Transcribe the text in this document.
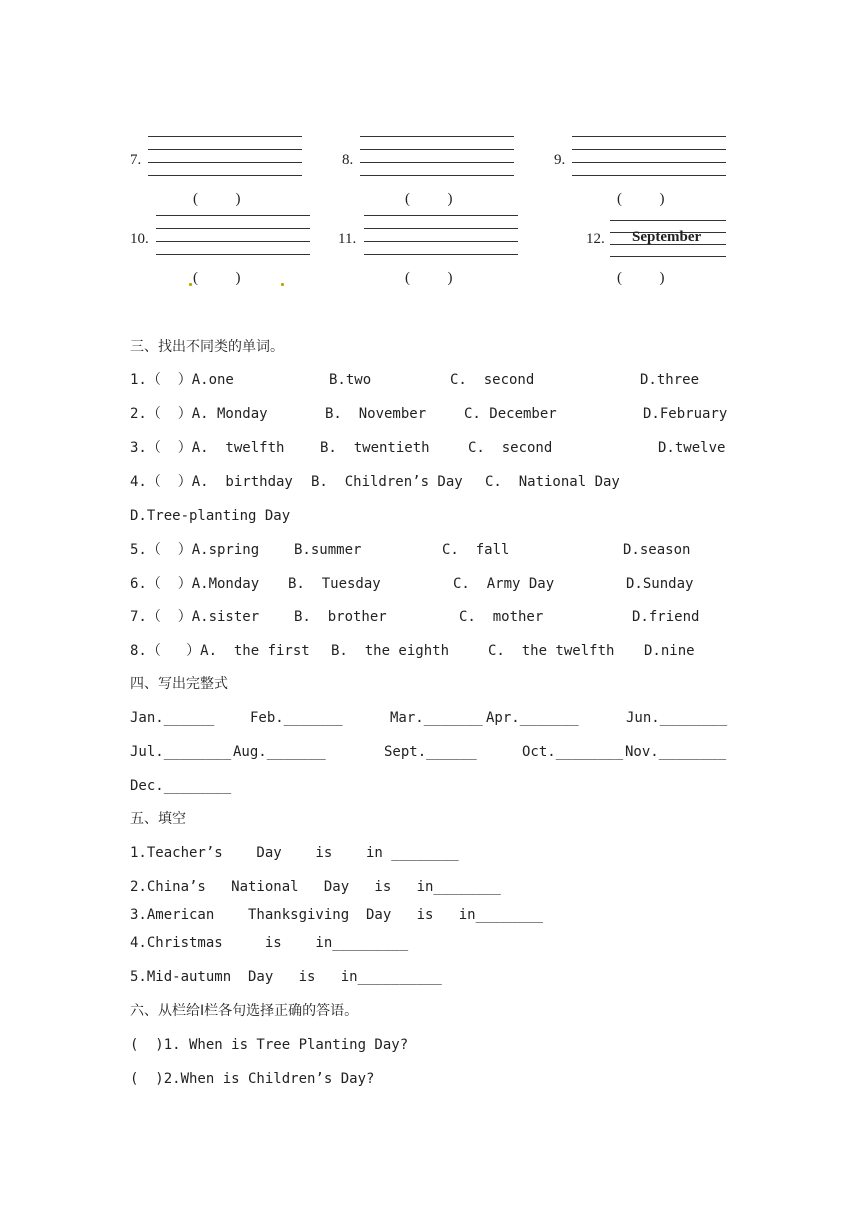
7.
(          )
8.
(          )
9.
(          )
10.
(          )
11.
(          )
12. September
(          )
三、找出不同类的单词。
1.（  ）A.one	B.two	C.  second	D.three
2.（  ）A. Monday	B.  November	C. December	D.February
3.（  ）A.  twelfth	B.  twentieth	C.  second	D.twelve
4.（  ）A.  birthday B.  Children’s Day C.  National Day
D.Tree-planting Day
5.（  ）A.spring B.summer	C.  fall	D.season
6.（  ）A.Monday B.  Tuesday	C.  Army Day	D.Sunday
7.（  ）A.sister B.  brother	C.  mother	D.friend
8.（   ）A.  the first B.  the eighth	C.  the twelfth D.nine
四、写出完整式
Jan.______	Feb._______	Mar._______ Apr._______	Jun.________
Jul.________ Aug._______	Sept.______	Oct.________ Nov.________
Dec.________
五、填空
1.Teacher’s    Day    is    in ________
2.China’s   National   Day   is   in________
3.American    Thanksgiving  Day   is   in________
4.Christmas     is    in_________
5.Mid-autumn  Day   is   in__________
六、从栏给Ⅰ栏各句选择正确的答语。
(  )1. When is Tree Planting Day?
(  )2.When is Children’s Day?
